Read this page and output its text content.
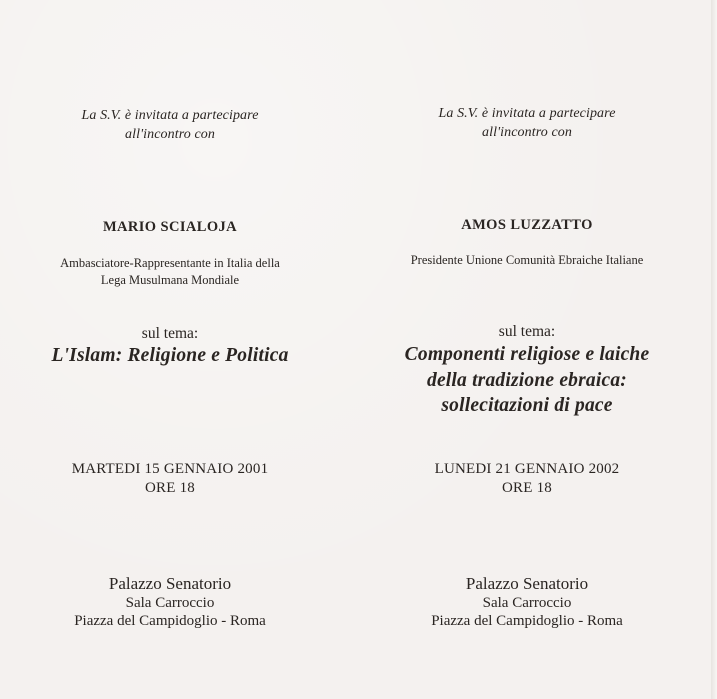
La S.V. è invitata a partecipare
all'incontro con
MARIO SCIALOJA
Ambasciatore-Rappresentante in Italia della
Lega Musulmana Mondiale
sul tema:
L'Islam: Religione e Politica
MARTEDI 15 GENNAIO 2001
ORE 18
Palazzo Senatorio
Sala Carroccio
Piazza del Campidoglio - Roma
La S.V. è invitata a partecipare
all'incontro con
AMOS LUZZATTO
Presidente Unione Comunità Ebraiche Italiane
sul tema:
Componenti religiose e laiche
della tradizione ebraica:
sollecitazioni di pace
LUNEDI 21 GENNAIO 2002
ORE 18
Palazzo Senatorio
Sala Carroccio
Piazza del Campidoglio - Roma
